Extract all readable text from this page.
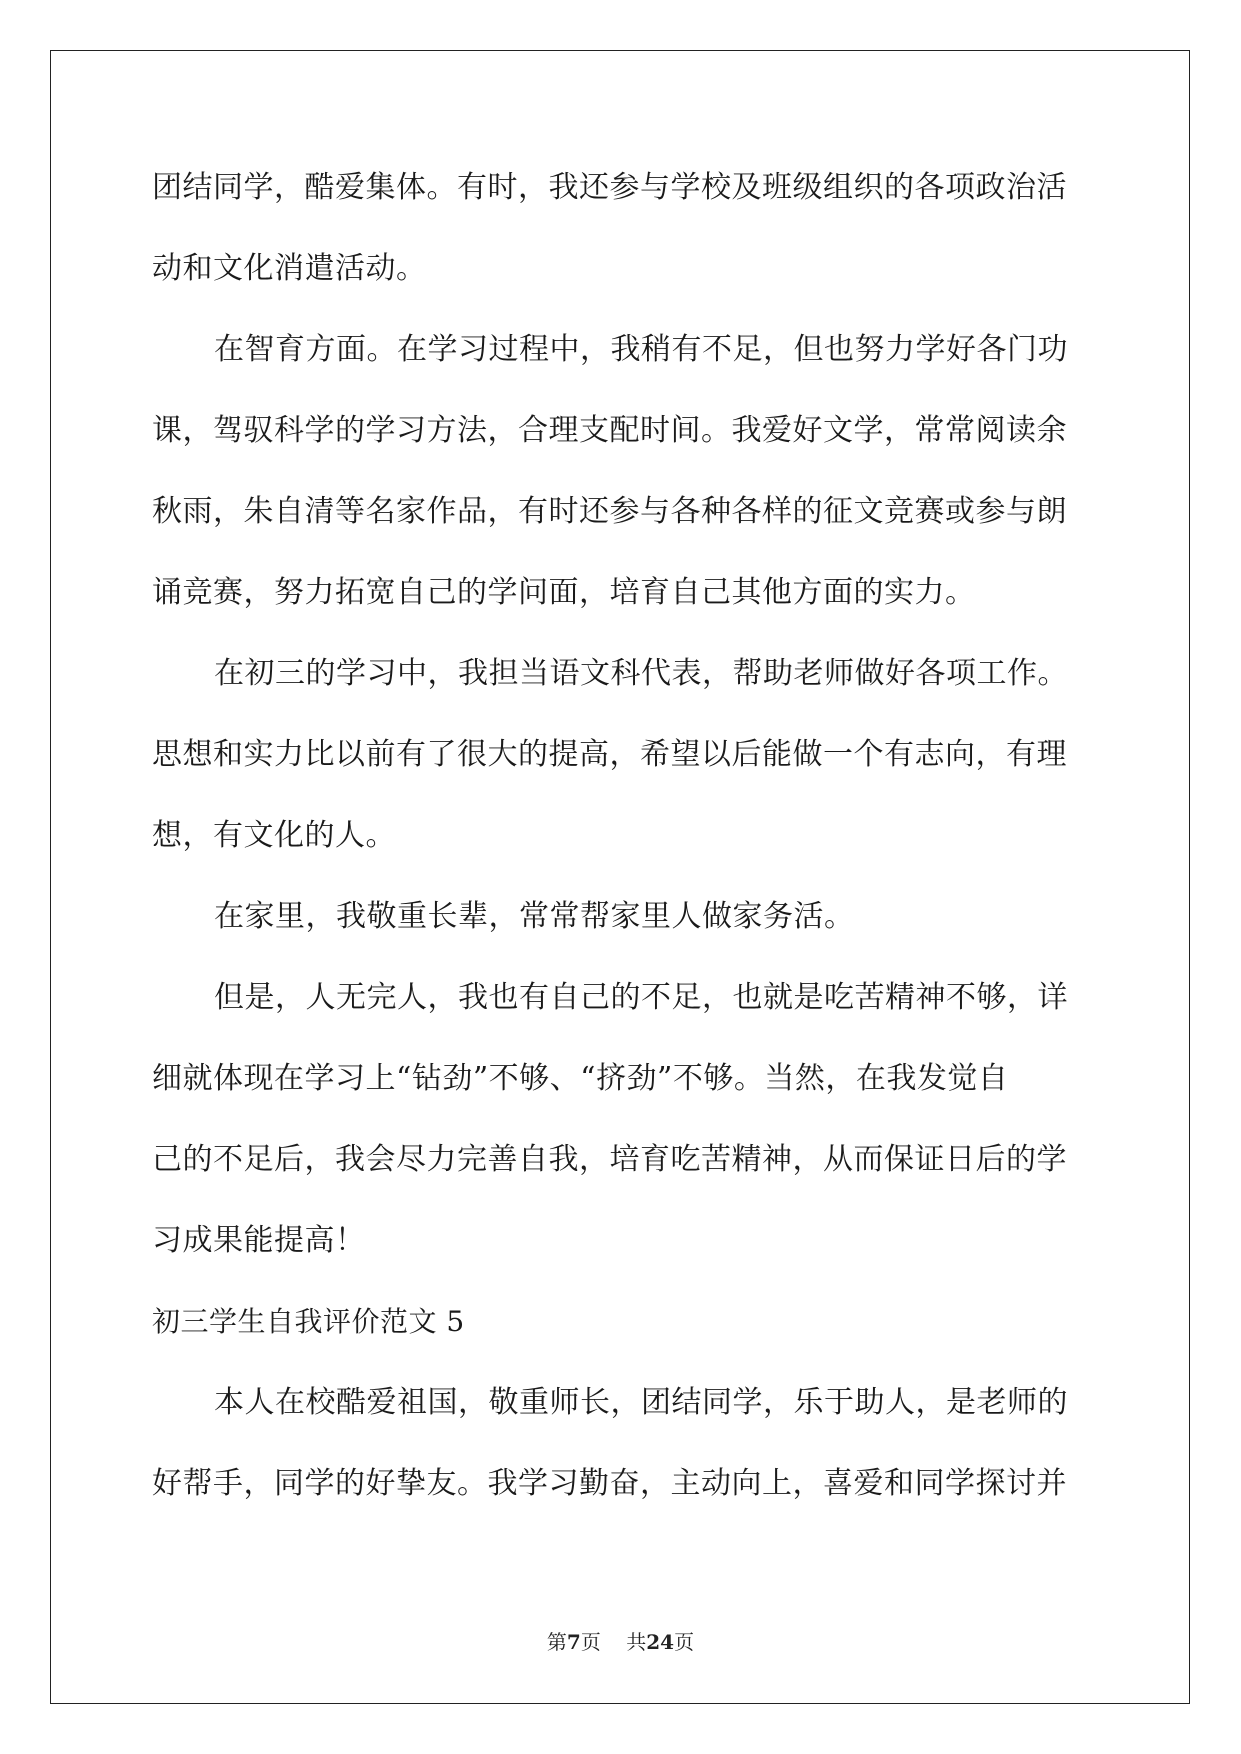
团结同学，酷爱集体。有时，我还参与学校及班级组织的各项政治活
动和文化消遣活动。
在智育方面。在学习过程中，我稍有不足，但也努力学好各门功
课，驾驭科学的学习方法，合理支配时间。我爱好文学，常常阅读余
秋雨，朱自清等名家作品，有时还参与各种各样的征文竞赛或参与朗
诵竞赛，努力拓宽自己的学问面，培育自己其他方面的实力。
在初三的学习中，我担当语文科代表，帮助老师做好各项工作。
思想和实力比以前有了很大的提高，希望以后能做一个有志向，有理
想，有文化的人。
在家里，我敬重长辈，常常帮家里人做家务活。
但是，人无完人，我也有自己的不足，也就是吃苦精神不够，详
细就体现在学习上“钻劲”不够、“挤劲”不够。当然，在我发觉自
己的不足后，我会尽力完善自我，培育吃苦精神，从而保证日后的学
习成果能提高！
初三学生自我评价范文 5
本人在校酷爱祖国，敬重师长，团结同学，乐于助人，是老师的
好帮手，同学的好挚友。我学习勤奋，主动向上，喜爱和同学探讨并
第7页 共24页
